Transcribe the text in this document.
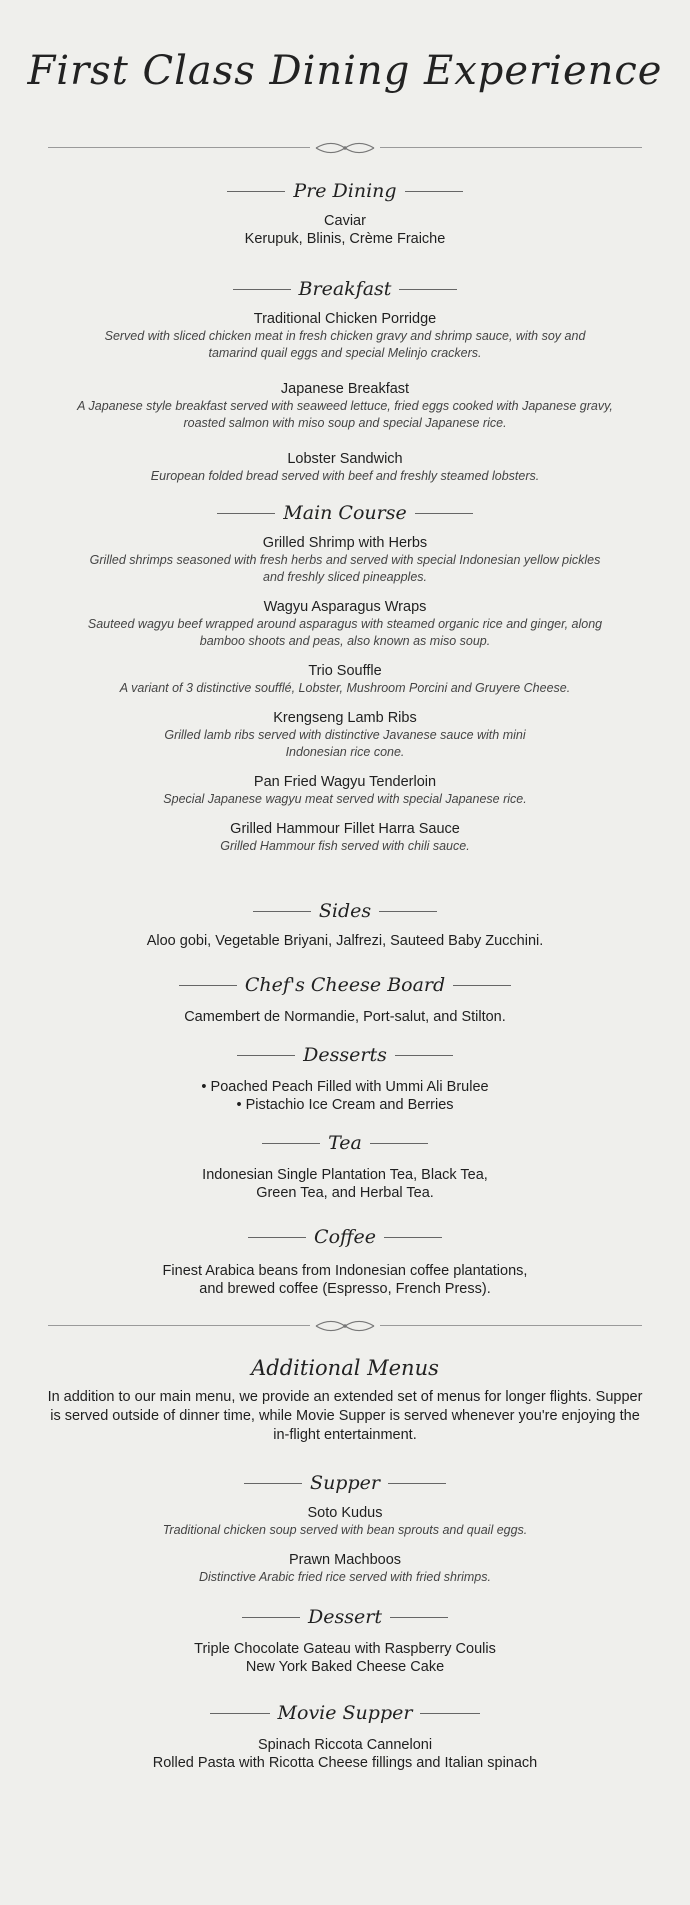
First Class Dining Experience
Pre Dining
Caviar
Kerupuk, Blinis, Crème Fraiche
Breakfast
Traditional Chicken Porridge
Served with sliced chicken meat in fresh chicken gravy and shrimp sauce, with soy and tamarind quail eggs and special Melinjo crackers.
Japanese Breakfast
A Japanese style breakfast served with seaweed lettuce, fried eggs cooked with Japanese gravy, roasted salmon with miso soup and special Japanese rice.
Lobster Sandwich
European folded bread served with beef and freshly steamed lobsters.
Main Course
Grilled Shrimp with Herbs
Grilled shrimps seasoned with fresh herbs and served with special Indonesian yellow pickles and freshly sliced pineapples.
Wagyu Asparagus Wraps
Sauteed wagyu beef wrapped around asparagus with steamed organic rice and ginger, along bamboo shoots and peas, also known as miso soup.
Trio Souffle
A variant of 3 distinctive soufflé, Lobster, Mushroom Porcini and Gruyere Cheese.
Krengseng Lamb Ribs
Grilled lamb ribs served with distinctive Javanese sauce with mini Indonesian rice cone.
Pan Fried Wagyu Tenderloin
Special Japanese wagyu meat served with special Japanese rice.
Grilled Hammour Fillet Harra Sauce
Grilled Hammour fish served with chili sauce.
Sides
Aloo gobi, Vegetable Briyani, Jalfrezi, Sauteed Baby Zucchini.
Chef's Cheese Board
Camembert de Normandie, Port-salut, and Stilton.
Desserts
• Poached Peach Filled with Ummi Ali Brulee
• Pistachio Ice Cream and Berries
Tea
Indonesian Single Plantation Tea, Black Tea,
Green Tea, and Herbal Tea.
Coffee
Finest Arabica beans from Indonesian coffee plantations,
and brewed coffee (Espresso, French Press).
Additional Menus
In addition to our main menu, we provide an extended set of menus for longer flights. Supper is served outside of dinner time, while Movie Supper is served whenever you're enjoying the in-flight entertainment.
Supper
Soto Kudus
Traditional chicken soup served with bean sprouts and quail eggs.
Prawn Machboos
Distinctive Arabic fried rice served with fried shrimps.
Dessert
Triple Chocolate Gateau with Raspberry Coulis
New York Baked Cheese Cake
Movie Supper
Spinach Riccota Canneloni
Rolled Pasta with Ricotta Cheese fillings and Italian spinach
